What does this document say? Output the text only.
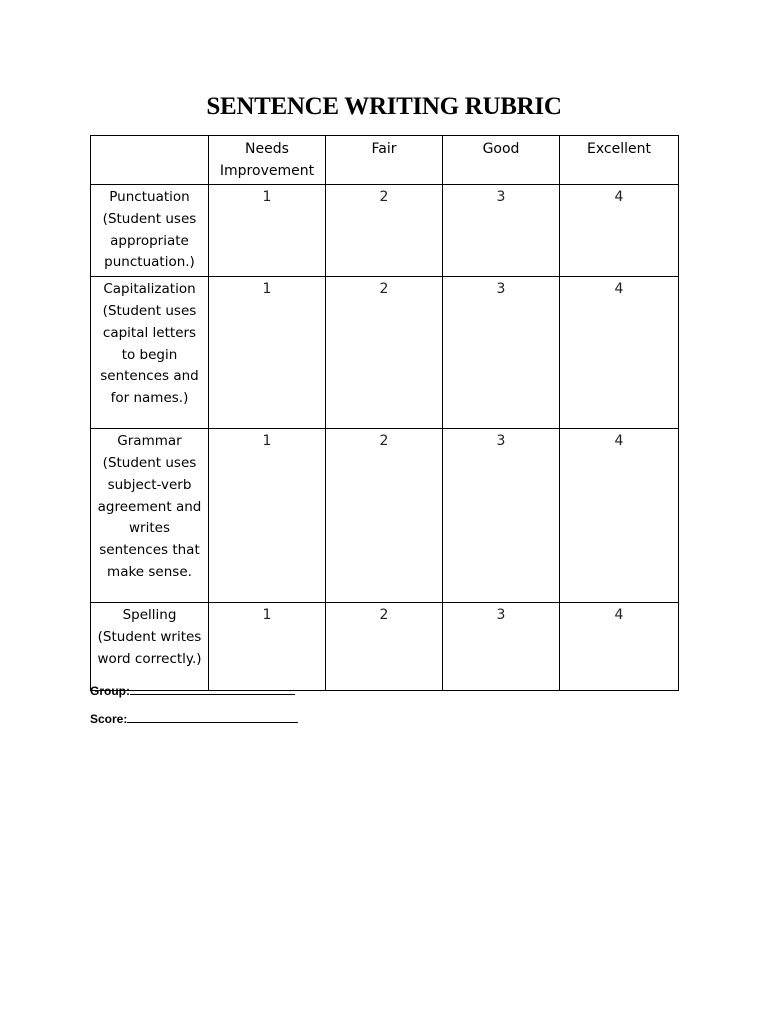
SENTENCE WRITING RUBRIC
	Needs Improvement	Fair	Good	Excellent
Punctuation (Student uses appropriate punctuation.)	1	2	3	4
Capitalization (Student uses capital letters to begin sentences and for names.)	1	2	3	4
Grammar (Student uses subject-verb agreement and writes sentences that make sense.	1	2	3	4
Spelling (Student writes word correctly.)	1	2	3	4
Group:
Score:
